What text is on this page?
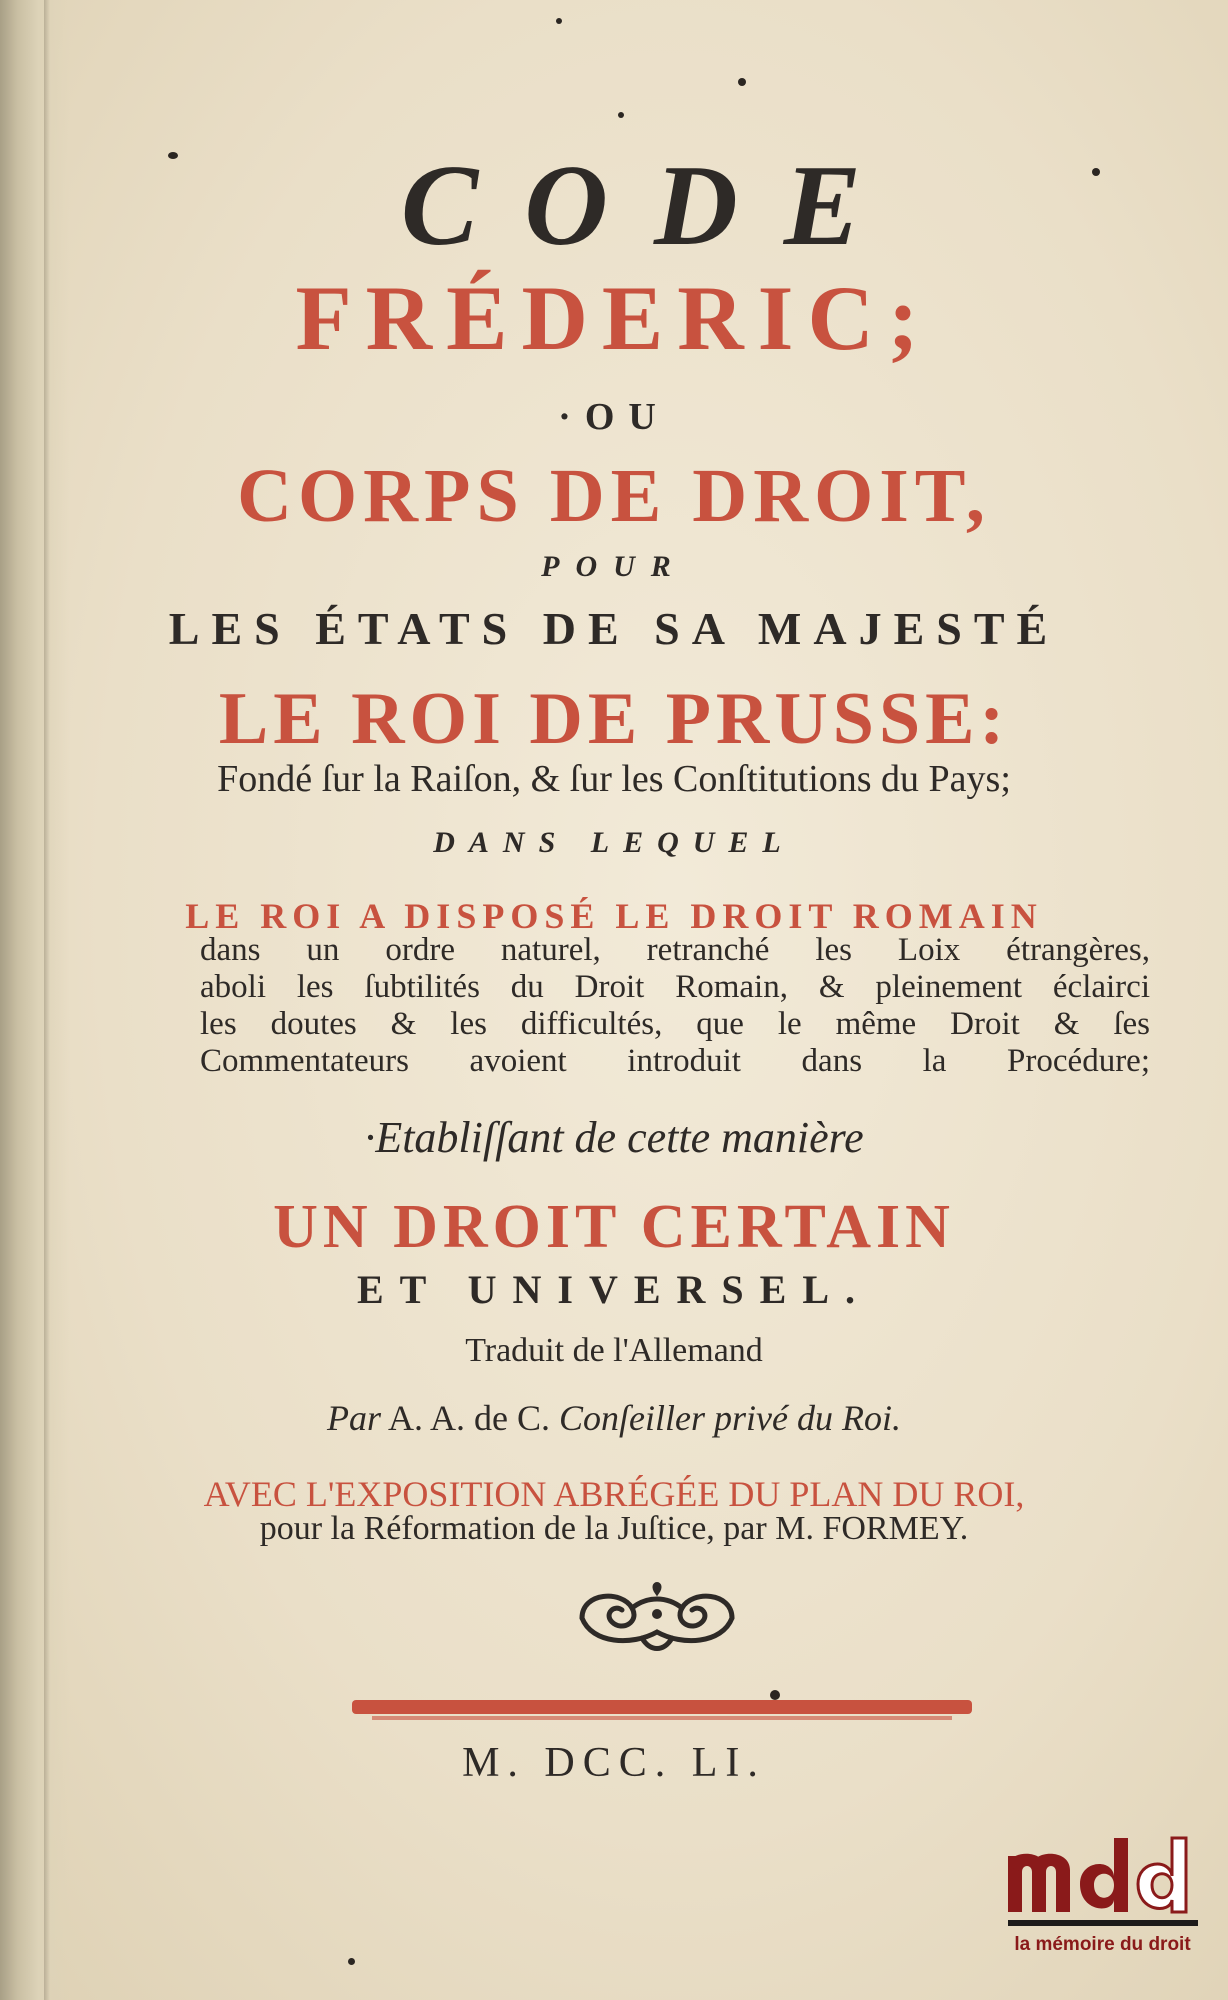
CODE
FRÉDERIC;
·OU
CORPS DE DROIT,
POUR
LES ÉTATS DE SA MAJESTÉ
LE ROI DE PRUSSE:
Fondé ſur la Raiſon, & ſur les Conſtitutions du Pays;
DANS LEQUEL
LE ROI A DISPOSÉ LE DROIT ROMAIN
dans un ordre naturel, retranché les Loix étrangères,
aboli les ſubtilités du Droit Romain, & pleinement éclairci
les doutes & les difficultés, que le même Droit & ſes
Commentateurs avoient introduit dans la Procédure;
·Etabliſſant de cette manière
UN DROIT CERTAIN
ET UNIVERSEL.
Traduit de l'Allemand
Par A. A. de C. Conſeiller privé du Roi.
AVEC L'EXPOSITION ABRÉGÉE DU PLAN DU ROI,
pour la Réformation de la Juſtice, par M. FORMEY.
M. DCC. LI.
la mémoire du droit
